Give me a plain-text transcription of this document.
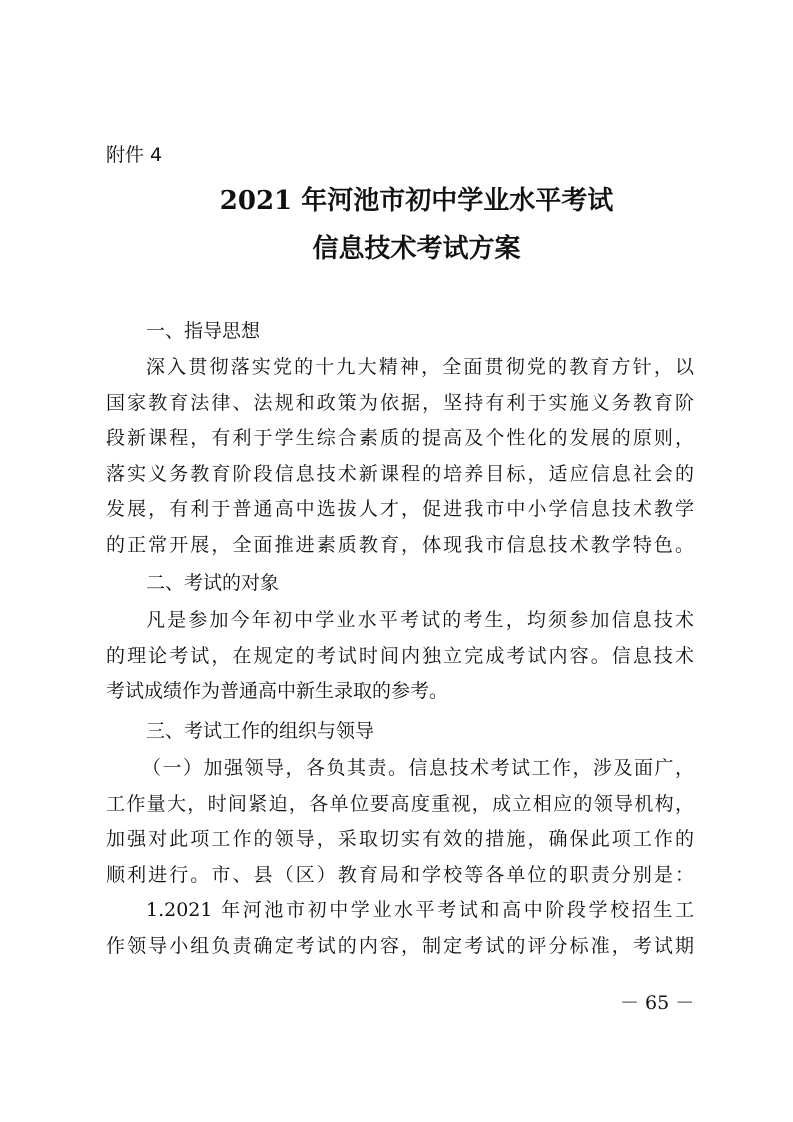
附件 4
2021 年河池市初中学业水平考试
信息技术考试方案
一、指导思想
深入贯彻落实党的十九大精神，全面贯彻党的教育方针，以
国家教育法律、法规和政策为依据，坚持有利于实施义务教育阶
段新课程，有利于学生综合素质的提高及个性化的发展的原则，
落实义务教育阶段信息技术新课程的培养目标，适应信息社会的
发展，有利于普通高中选拔人才，促进我市中小学信息技术教学
的正常开展，全面推进素质教育，体现我市信息技术教学特色。
二、考试的对象
凡是参加今年初中学业水平考试的考生，均须参加信息技术
的理论考试，在规定的考试时间内独立完成考试内容。信息技术
考试成绩作为普通高中新生录取的参考。
三、考试工作的组织与领导
（一）加强领导，各负其责。信息技术考试工作，涉及面广，
工作量大，时间紧迫，各单位要高度重视，成立相应的领导机构，
加强对此项工作的领导，采取切实有效的措施，确保此项工作的
顺利进行。市、县（区）教育局和学校等各单位的职责分别是：
1.2021 年河池市初中学业水平考试和高中阶段学校招生工
作领导小组负责确定考试的内容，制定考试的评分标准，考试期
－ 65 －
